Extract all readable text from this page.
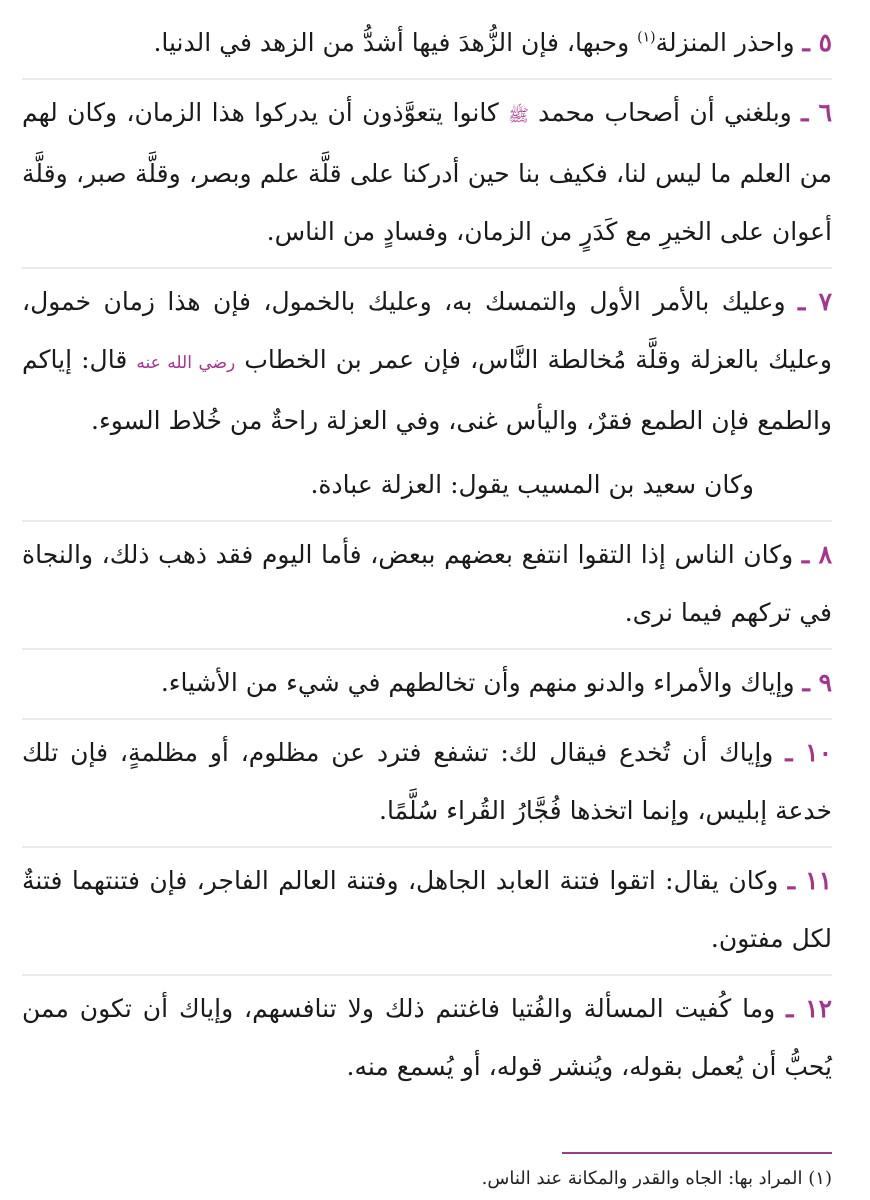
٥ ـ واحذر المنزلة$^{(١)}$ وحبها، فإن الزُّهدَ فيها أشدُّ من الزهد في الدنيا.

٦ ـ وبلغني أن أصحاب محمد ﷺ كانوا يتعوَّذون أن يدركوا هذا الزمان، وكان لهم من العلم ما ليس لنا، فكيف بنا حين أدركنا على قلَّة علم وبصر، وقلَّة صبر، وقلَّة أعوان على الخيرِ مع كَدَرٍ من الزمان، وفسادٍ من الناس.

٧ ـ وعليك بالأمر الأول والتمسك به، وعليك بالخمول، فإن هذا زمان خمول، وعليك بالعزلة وقلَّة مُخالطة النَّاس، فإن عمر بن الخطاب رضي الله عنه قال: إياكم والطمع فإن الطمع فقرٌ، واليأس غنى، وفي العزلة راحةٌ من خُلاط السوء.

وكان سعيد بن المسيب يقول: العزلة عبادة.

٨ ـ وكان الناس إذا التقوا انتفع بعضهم ببعض، فأما اليوم فقد ذهب ذلك، والنجاة في تركهم فيما نرى.

٩ ـ وإياك والأمراء والدنو منهم وأن تخالطهم في شيء من الأشياء.

١٠ ـ وإياك أن تُخدع فيقال لك: تشفع فترد عن مظلوم، أو مظلمةٍ، فإن تلك خدعة إبليس، وإنما اتخذها فُجَّارُ القُراء سُلَّمًا.

١١ ـ وكان يقال: اتقوا فتنة العابد الجاهل، وفتنة العالم الفاجر، فإن فتنتهما فتنةٌ لكل مفتون.

١٢ ـ وما كُفيت المسألة والفُتيا فاغتنم ذلك ولا تنافسهم، وإياك أن تكون ممن يُحبُّ أن يُعمل بقوله، ويُنشر قوله، أو يُسمع منه.

(١) المراد بها: الجاه والقدر والمكانة عند الناس.
